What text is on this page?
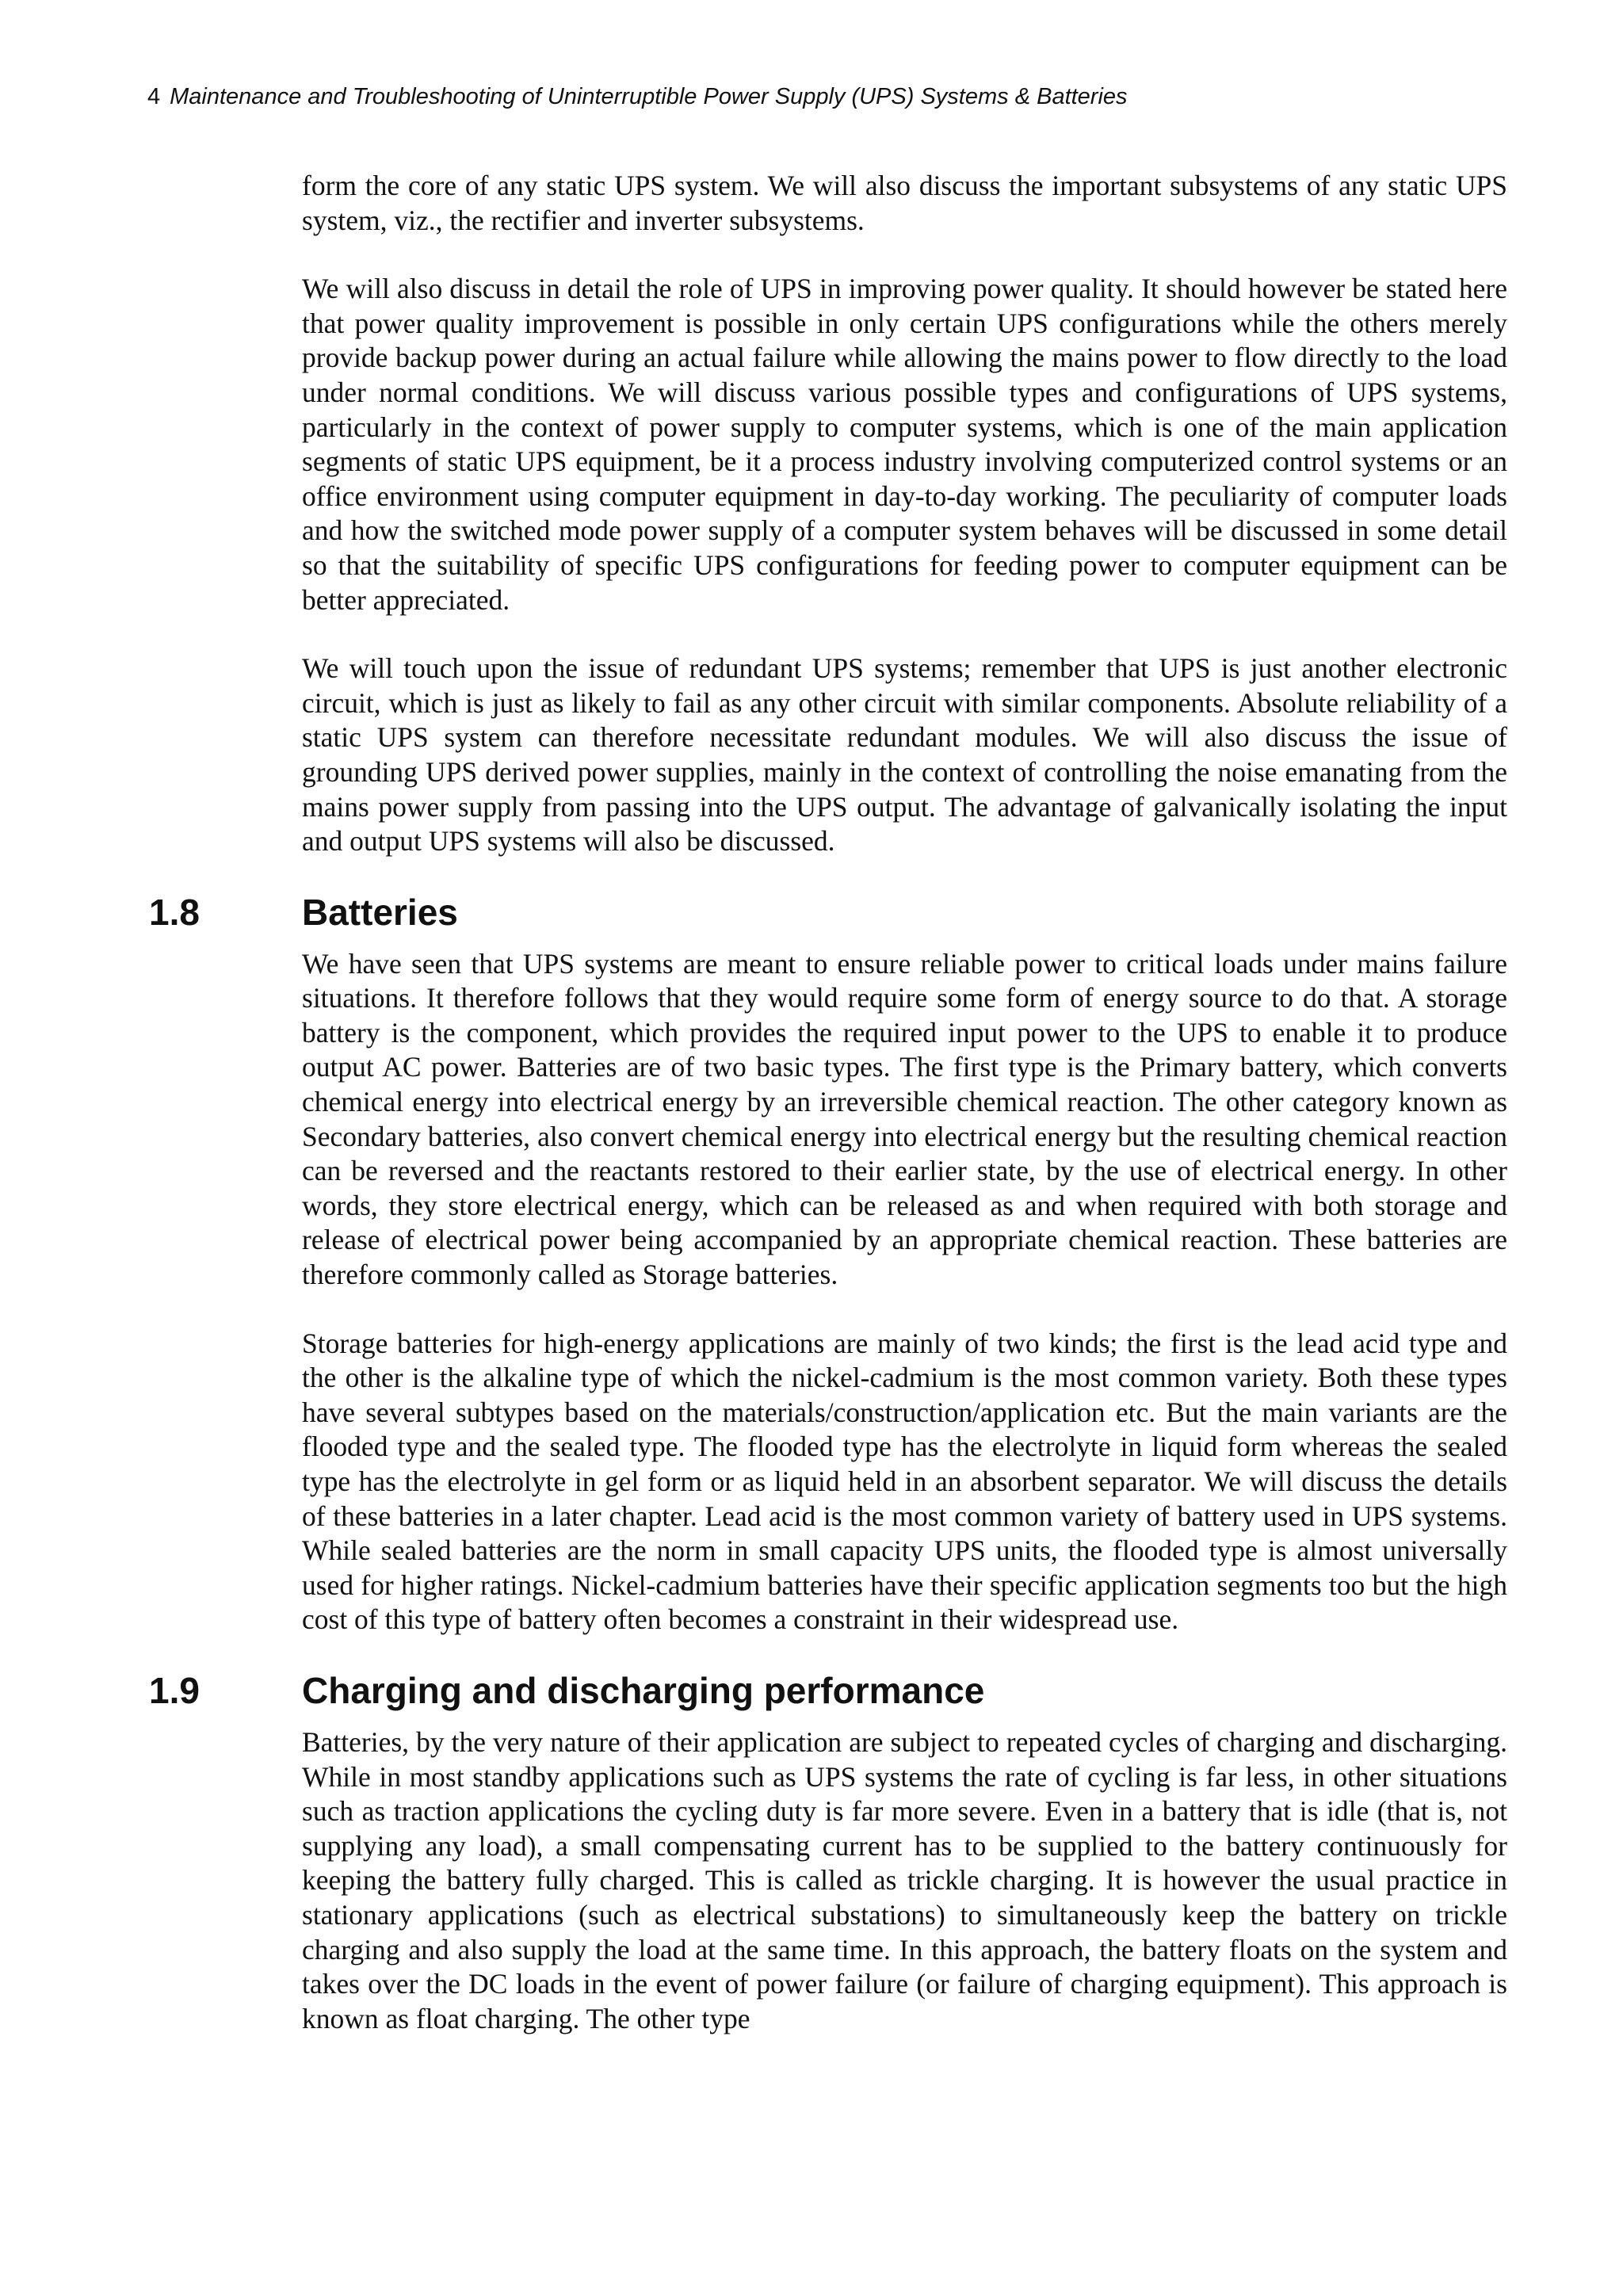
4 Maintenance and Troubleshooting of Uninterruptible Power Supply (UPS) Systems & Batteries

form the core of any static UPS system. We will also discuss the important subsystems of any static UPS system, viz., the rectifier and inverter subsystems.

We will also discuss in detail the role of UPS in improving power quality. It should however be stated here that power quality improvement is possible in only certain UPS configurations while the others merely provide backup power during an actual failure while allowing the mains power to flow directly to the load under normal conditions. We will discuss various possible types and configurations of UPS systems, particularly in the context of power supply to computer systems, which is one of the main application segments of static UPS equipment, be it a process industry involving computerized control systems or an office environment using computer equipment in day-to-day working. The peculiarity of computer loads and how the switched mode power supply of a computer system behaves will be discussed in some detail so that the suitability of specific UPS configurations for feeding power to computer equipment can be better appreciated.

We will touch upon the issue of redundant UPS systems; remember that UPS is just another electronic circuit, which is just as likely to fail as any other circuit with similar components. Absolute reliability of a static UPS system can therefore necessitate redundant modules. We will also discuss the issue of grounding UPS derived power supplies, mainly in the context of controlling the noise emanating from the mains power supply from passing into the UPS output. The advantage of galvanically isolating the input and output UPS systems will also be discussed.

1.8	Batteries

We have seen that UPS systems are meant to ensure reliable power to critical loads under mains failure situations. It therefore follows that they would require some form of energy source to do that. A storage battery is the component, which provides the required input power to the UPS to enable it to produce output AC power. Batteries are of two basic types. The first type is the Primary battery, which converts chemical energy into electrical energy by an irreversible chemical reaction. The other category known as Secondary batteries, also convert chemical energy into electrical energy but the resulting chemical reaction can be reversed and the reactants restored to their earlier state, by the use of electrical energy. In other words, they store electrical energy, which can be released as and when required with both storage and release of electrical power being accompanied by an appropriate chemical reaction. These batteries are therefore commonly called as Storage batteries.

Storage batteries for high-energy applications are mainly of two kinds; the first is the lead acid type and the other is the alkaline type of which the nickel-cadmium is the most common variety. Both these types have several subtypes based on the materials/construction/application etc. But the main variants are the flooded type and the sealed type. The flooded type has the electrolyte in liquid form whereas the sealed type has the electrolyte in gel form or as liquid held in an absorbent separator. We will discuss the details of these batteries in a later chapter. Lead acid is the most common variety of battery used in UPS systems. While sealed batteries are the norm in small capacity UPS units, the flooded type is almost universally used for higher ratings. Nickel-cadmium batteries have their specific application segments too but the high cost of this type of battery often becomes a constraint in their widespread use.

1.9	Charging and discharging performance

Batteries, by the very nature of their application are subject to repeated cycles of charging and discharging. While in most standby applications such as UPS systems the rate of cycling is far less, in other situations such as traction applications the cycling duty is far more severe. Even in a battery that is idle (that is, not supplying any load), a small compensating current has to be supplied to the battery continuously for keeping the battery fully charged. This is called as trickle charging. It is however the usual practice in stationary applications (such as electrical substations) to simultaneously keep the battery on trickle charging and also supply the load at the same time. In this approach, the battery floats on the system and takes over the DC loads in the event of power failure (or failure of charging equipment). This approach is known as float charging. The other type
